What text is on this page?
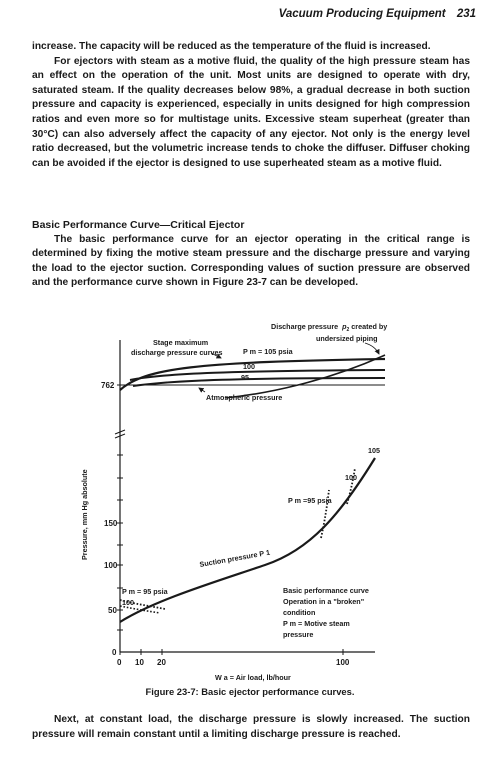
Vacuum Producing Equipment 231

increase. The capacity will be reduced as the temperature of the fluid is increased.

For ejectors with steam as a motive fluid, the quality of the high pressure steam has an effect on the operation of the unit. Most units are designed to operate with dry, saturated steam. If the quality decreases below 98%, a gradual decrease in both suction pressure and capacity is experienced, especially in units designed for high compression ratios and even more so for multistage units. Excessive steam superheat (greater than 30°C) can also adversely affect the capacity of any ejector. Not only is the energy level ratio decreased, but the volumetric increase tends to choke the diffuser. Diffuser choking can be avoided if the ejector is designed to use superheated steam as a motive fluid.

Basic Performance Curve—Critical Ejector

The basic performance curve for an ejector operating in the critical range is determined by fixing the motive steam pressure and the discharge pressure and varying the load to the ejector suction. Corresponding values of suction pressure are observed and the performance curve shown in Figure 23-7 can be developed.

762
150
100
50
0
0 10 20	100
Discharge pressure $p_2$ created by
undersized piping
Stage maximum
discharge pressure curves	P m = 105 psia
100
95
Atmospheric pressure
105
100
P m =95 psia
Suction pressure P 1
P m = 95 psia
100
Basic performance curve
Operation in a "broken"
condition
P m = Motive steam
pressure
Pressure, mm Hg absolute
W a = Air load, lb/hour
Figure 23-7: Basic ejector performance curves.

Next, at constant load, the discharge pressure is slowly increased. The suction pressure will remain constant until a limiting discharge pressure is reached.
